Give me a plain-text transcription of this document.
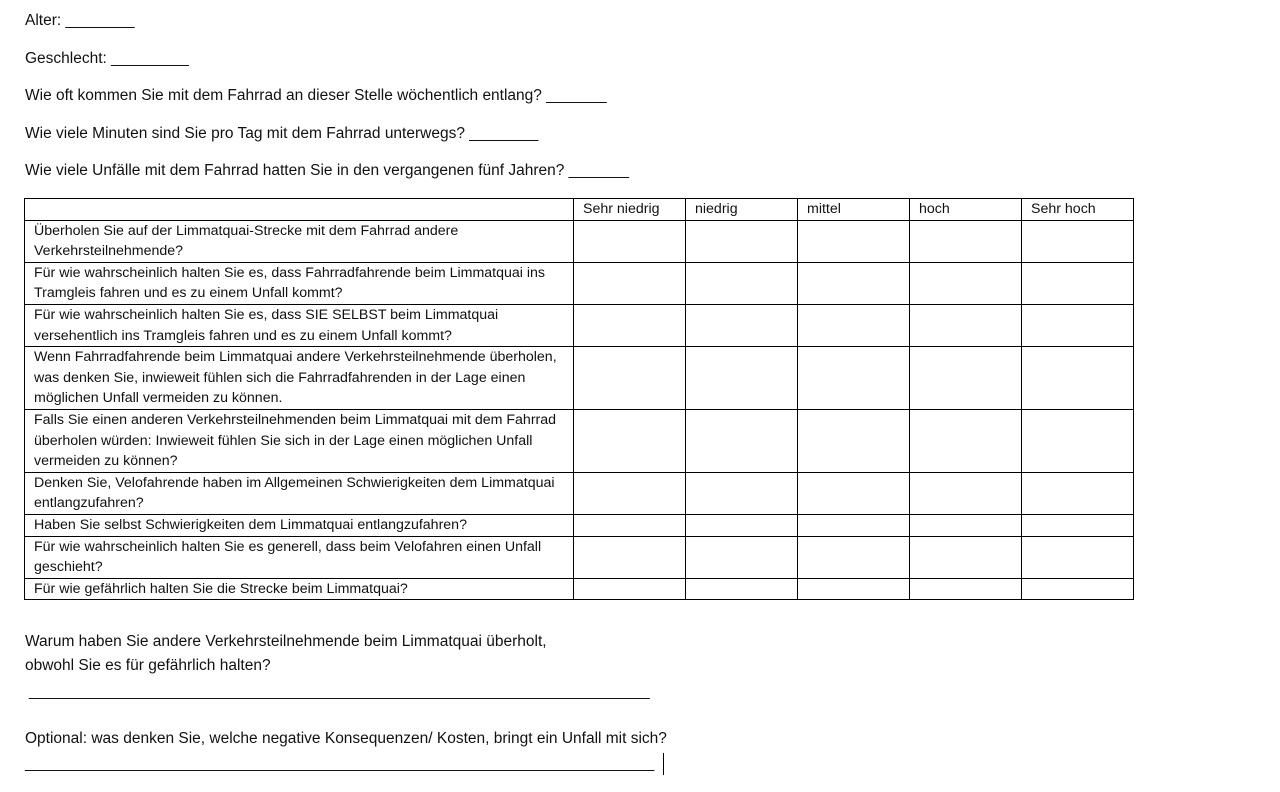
Alter: ________
Geschlecht: _________
Wie oft kommen Sie mit dem Fahrrad an dieser Stelle wöchentlich entlang? _______
Wie viele Minuten sind Sie pro Tag mit dem Fahrrad unterwegs? ________
Wie viele Unfälle mit dem Fahrrad hatten Sie in den vergangenen fünf Jahren? _______
	Sehr niedrig	niedrig	mittel	hoch	Sehr hoch
Überholen Sie auf der Limmatquai-Strecke mit dem Fahrrad andere Verkehrsteilnehmende?					
Für wie wahrscheinlich halten Sie es, dass Fahrradfahrende beim Limmatquai ins Tramgleis fahren und es zu einem Unfall kommt?					
Für wie wahrscheinlich halten Sie es, dass SIE SELBST beim Limmatquai versehentlich ins Tramgleis fahren und es zu einem Unfall kommt?					
Wenn Fahrradfahrende beim Limmatquai andere Verkehrsteilnehmende überholen, was denken Sie, inwieweit fühlen sich die Fahrradfahrenden in der Lage einen möglichen Unfall vermeiden zu können.					
Falls Sie einen anderen Verkehrsteilnehmenden beim Limmatquai mit dem Fahrrad überholen würden: Inwieweit fühlen Sie sich in der Lage einen möglichen Unfall vermeiden zu können?					
Denken Sie, Velofahrende haben im Allgemeinen Schwierigkeiten dem Limmatquai entlangzufahren?					
Haben Sie selbst Schwierigkeiten dem Limmatquai entlangzufahren?					
Für wie wahrscheinlich halten Sie es generell, dass beim Velofahren einen Unfall geschieht?					
Für wie gefährlich halten Sie die Strecke beim Limmatquai?					
Warum haben Sie andere Verkehrsteilnehmende beim Limmatquai überholt,
obwohl Sie es für gefährlich halten?
________________________________________________________________________
Optional: was denken Sie, welche negative Konsequenzen/ Kosten, bringt ein Unfall mit sich?
_________________________________________________________________________
